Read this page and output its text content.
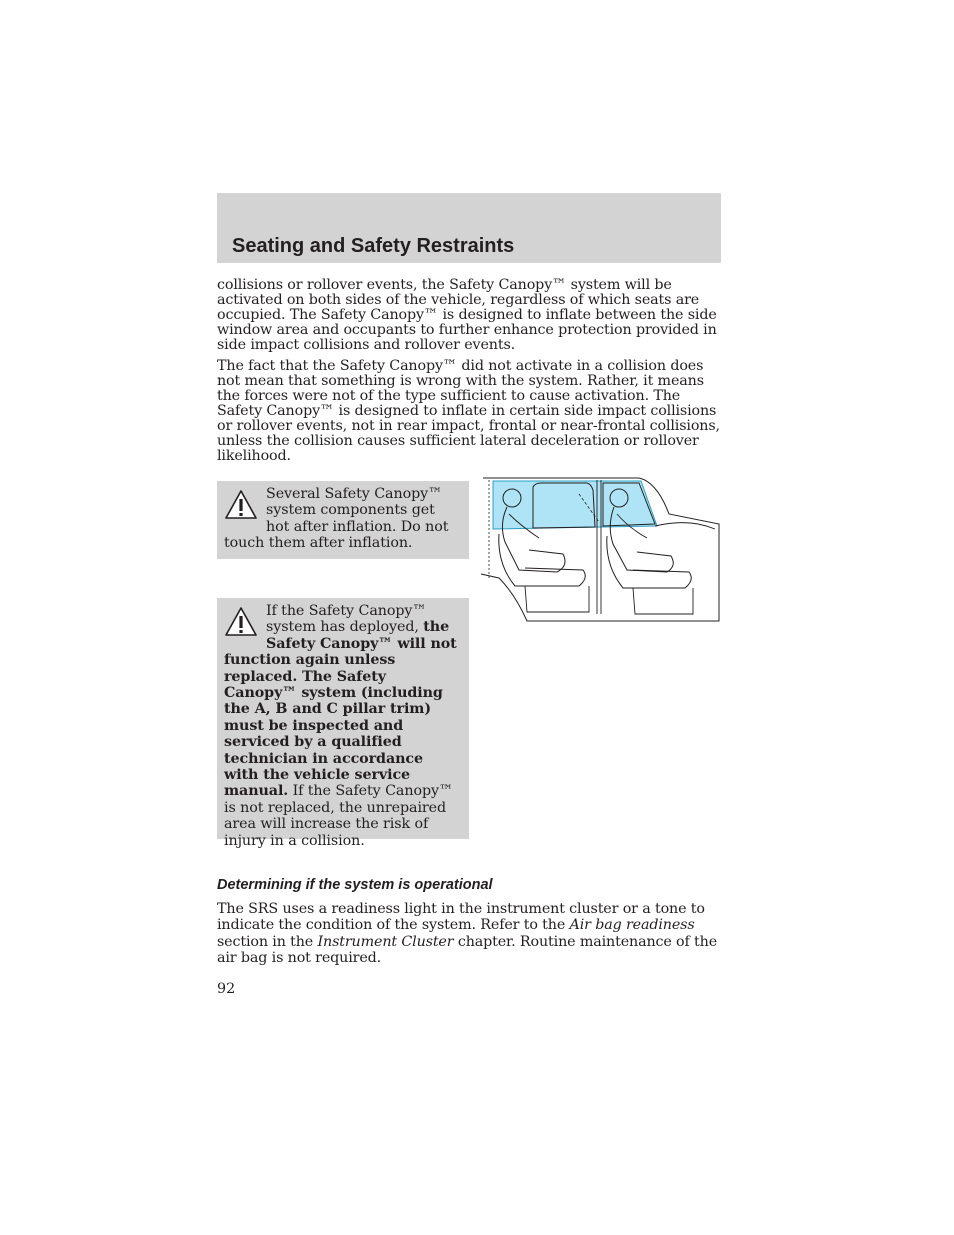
Seating and Safety Restraints

collisions or rollover events, the Safety Canopy™ system will be activated on both sides of the vehicle, regardless of which seats are occupied. The Safety Canopy™ is designed to inflate between the side window area and occupants to further enhance protection provided in side impact collisions and rollover events.

The fact that the Safety Canopy™ did not activate in a collision does not mean that something is wrong with the system. Rather, it means the forces were not of the type sufficient to cause activation. The Safety Canopy™ is designed to inflate in certain side impact collisions or rollover events, not in rear impact, frontal or near-frontal collisions, unless the collision causes sufficient lateral deceleration or rollover likelihood.

Several Safety Canopy™ system components get hot after inflation. Do not touch them after inflation.

If the Safety Canopy™ system has deployed, the Safety Canopy™ will not function again unless replaced. The Safety Canopy™ system (including the A, B and C pillar trim) must be inspected and serviced by a qualified technician in accordance with the vehicle service manual. If the Safety Canopy™ is not replaced, the unrepaired area will increase the risk of injury in a collision.

Determining if the system is operational

The SRS uses a readiness light in the instrument cluster or a tone to indicate the condition of the system. Refer to the Air bag readiness section in the Instrument Cluster chapter. Routine maintenance of the air bag is not required.

92
